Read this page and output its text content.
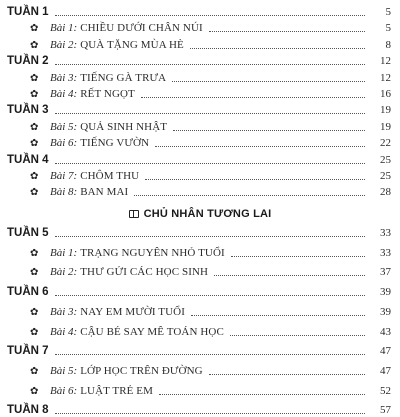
TUẦN 1	5
✿ Bài 1: CHIỀU DƯỚI CHÂN NÚI	5
✿ Bài 2: QUÀ TẶNG MÙA HÈ	8
TUẦN 2	12
✿ Bài 3: TIẾNG GÀ TRƯA	12
✿ Bài 4: RẾT NGỌT	16
TUẦN 3	19
✿ Bài 5: QUẢ SINH NHẬT	19
✿ Bài 6: TIẾNG VƯỜN	22
TUẦN 4	25
✿ Bài 7: CHÔM THU	25
✿ Bài 8: BAN MAI	28
TUẦN 5	33
✿ Bài 1: TRẠNG NGUYÊN NHỎ TUỔI	33
✿ Bài 2: THƯ GỬI CÁC HỌC SINH	37
TUẦN 6	39
✿ Bài 3: NAY EM MƯỜI TUỔI	39
✿ Bài 4: CẬU BÉ SAY MÊ TOÁN HỌC	43
TUẦN 7	47
✿ Bài 5: LỚP HỌC TRÊN ĐƯỜNG	47
✿ Bài 6: LUẬT TRẺ EM	52
TUẦN 8	57
CHỦ NHÂN TƯƠNG LAI
